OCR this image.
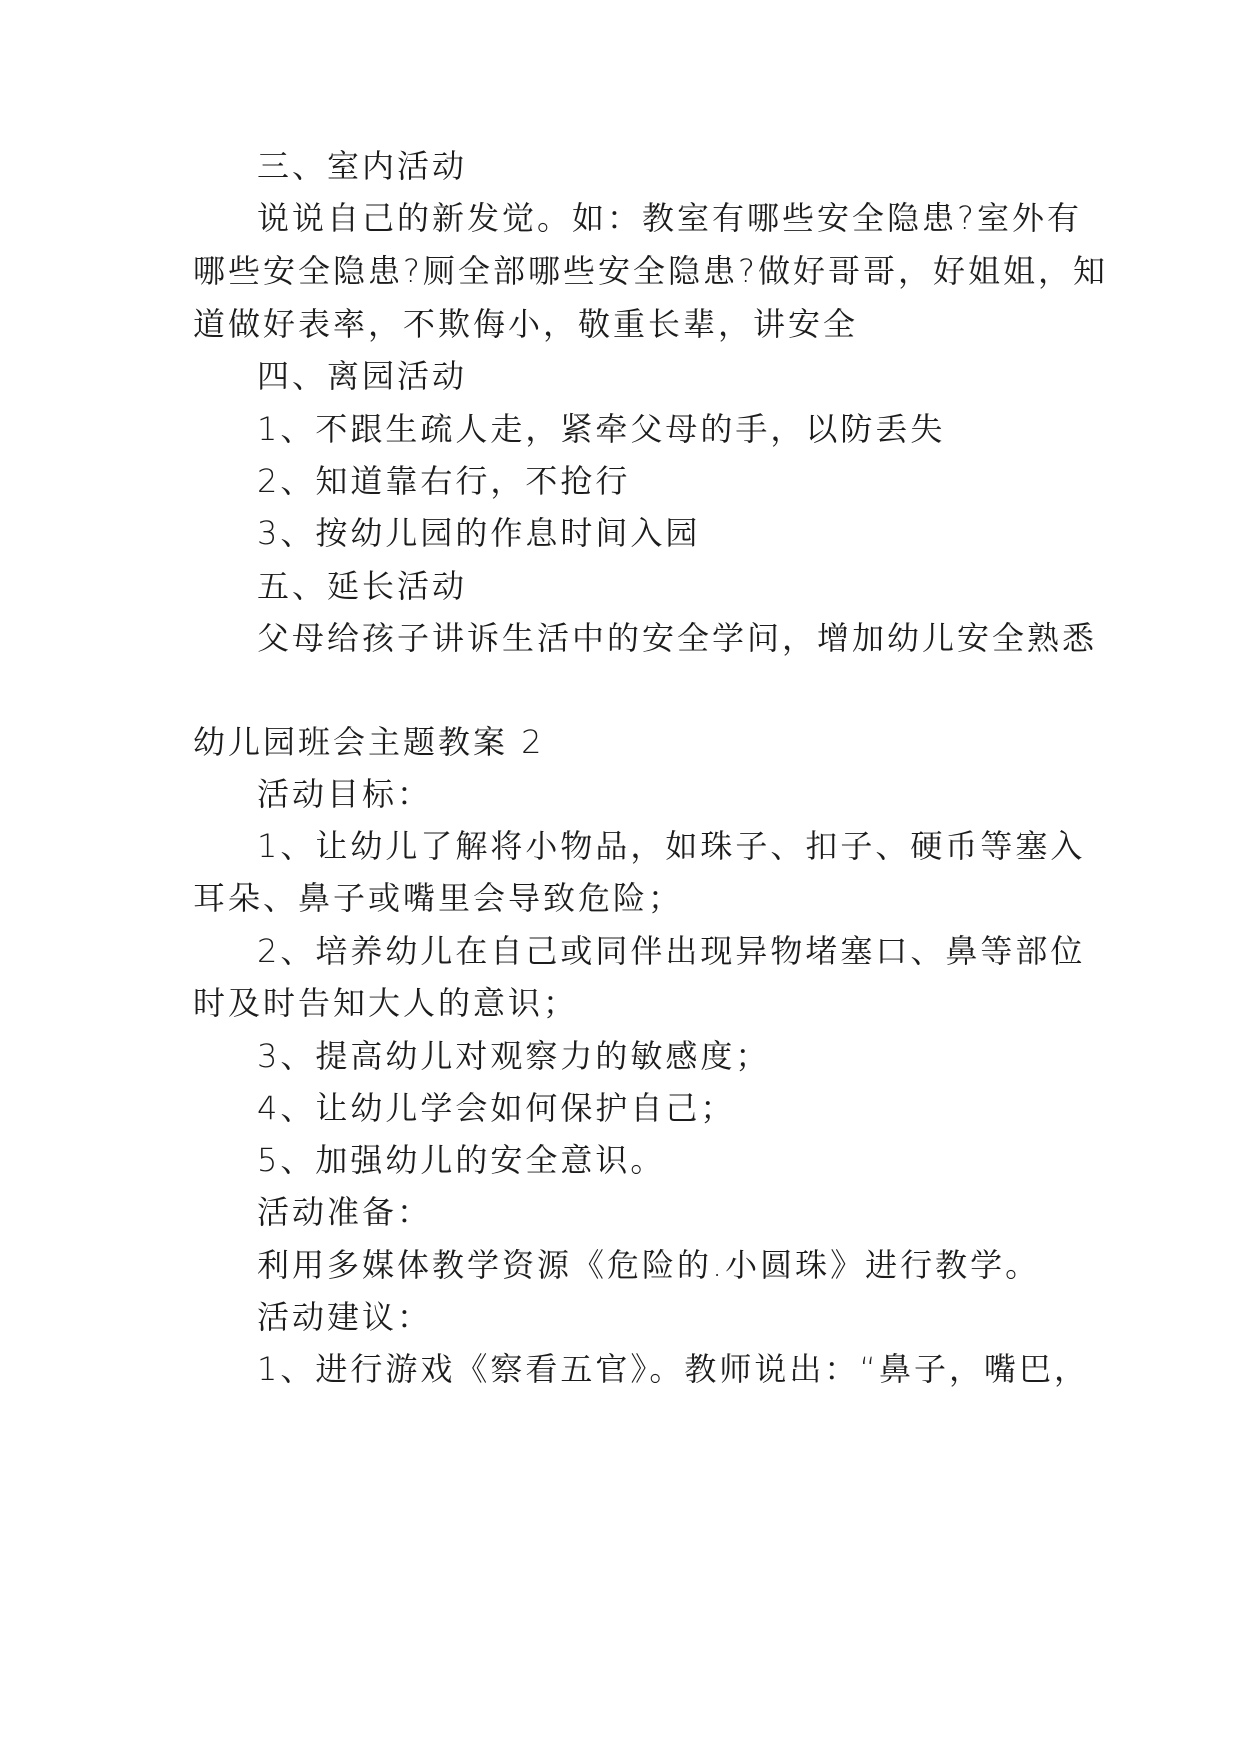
三、室内活动
说说自己的新发觉。如：教室有哪些安全隐患?室外有
哪些安全隐患?厕全部哪些安全隐患?做好哥哥，好姐姐，知
道做好表率，不欺侮小，敬重长辈，讲安全
四、离园活动
1、不跟生疏人走，紧牵父母的手，以防丢失
2、知道靠右行，不抢行
3、按幼儿园的作息时间入园
五、延长活动
父母给孩子讲诉生活中的安全学问，增加幼儿安全熟悉
幼儿园班会主题教案 2
活动目标：
1、让幼儿了解将小物品，如珠子、扣子、硬币等塞入
耳朵、鼻子或嘴里会导致危险；
2、培养幼儿在自己或同伴出现异物堵塞口、鼻等部位
时及时告知大人的意识；
3、提高幼儿对观察力的敏感度；
4、让幼儿学会如何保护自己；
5、加强幼儿的安全意识。
活动准备：
利用多媒体教学资源《危险的.小圆珠》进行教学。
活动建议：
1、进行游戏《察看五官》。教师说出：“鼻子，嘴巴，
